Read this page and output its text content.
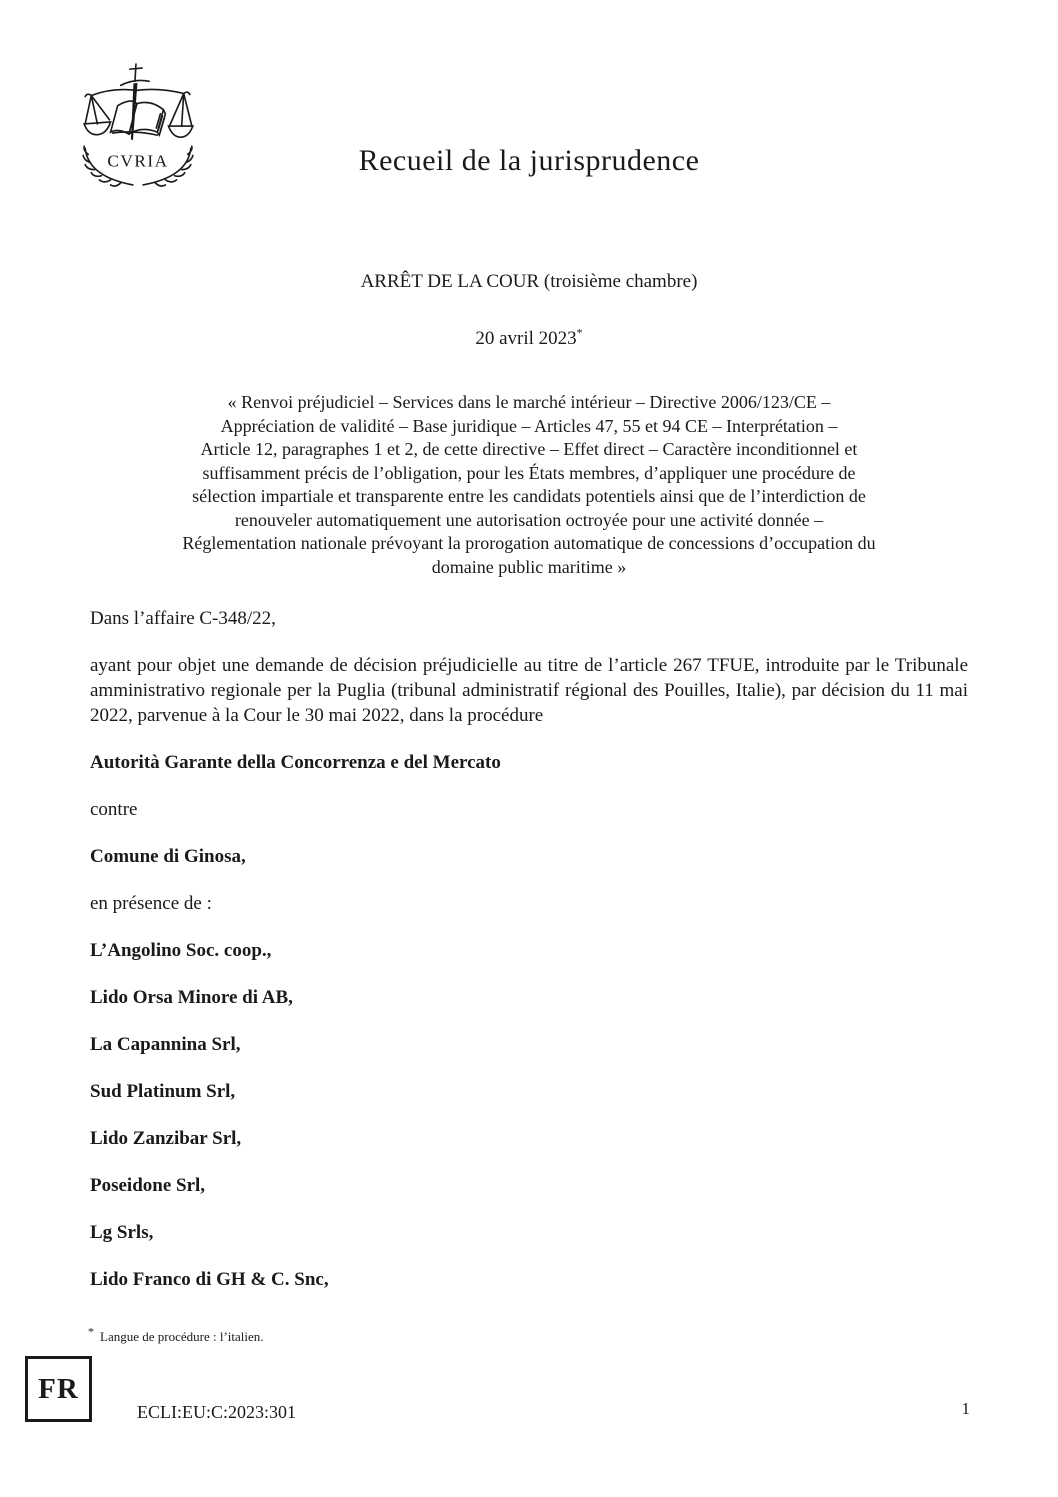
CVRIA	Recueil de la jurisprudence
ARRÊT DE LA COUR (troisième chambre)
20 avril 2023*
« Renvoi préjudiciel – Services dans le marché intérieur – Directive 2006/123/CE –
Appréciation de validité – Base juridique – Articles 47, 55 et 94 CE – Interprétation –
Article 12, paragraphes 1 et 2, de cette directive – Effet direct – Caractère inconditionnel et
suffisamment précis de l’obligation, pour les États membres, d’appliquer une procédure de
sélection impartiale et transparente entre les candidats potentiels ainsi que de l’interdiction de
renouveler automatiquement une autorisation octroyée pour une activité donnée –
Réglementation nationale prévoyant la prorogation automatique de concessions d’occupation du
domaine public maritime »

Dans l’affaire C-348/22,

ayant pour objet une demande de décision préjudicielle au titre de l’article 267 TFUE, introduite par le Tribunale amministrativo regionale per la Puglia (tribunal administratif régional des Pouilles, Italie), par décision du 11 mai 2022, parvenue à la Cour le 30 mai 2022, dans la procédure

Autorità Garante della Concorrenza e del Mercato

contre

Comune di Ginosa,

en présence de :

L’Angolino Soc. coop.,

Lido Orsa Minore di AB,

La Capannina Srl,

Sud Platinum Srl,

Lido Zanzibar Srl,

Poseidone Srl,

Lg Srls,

Lido Franco di GH & C. Snc,

* Langue de procédure : l’italien.
FR
ECLI:EU:C:2023:301	1
